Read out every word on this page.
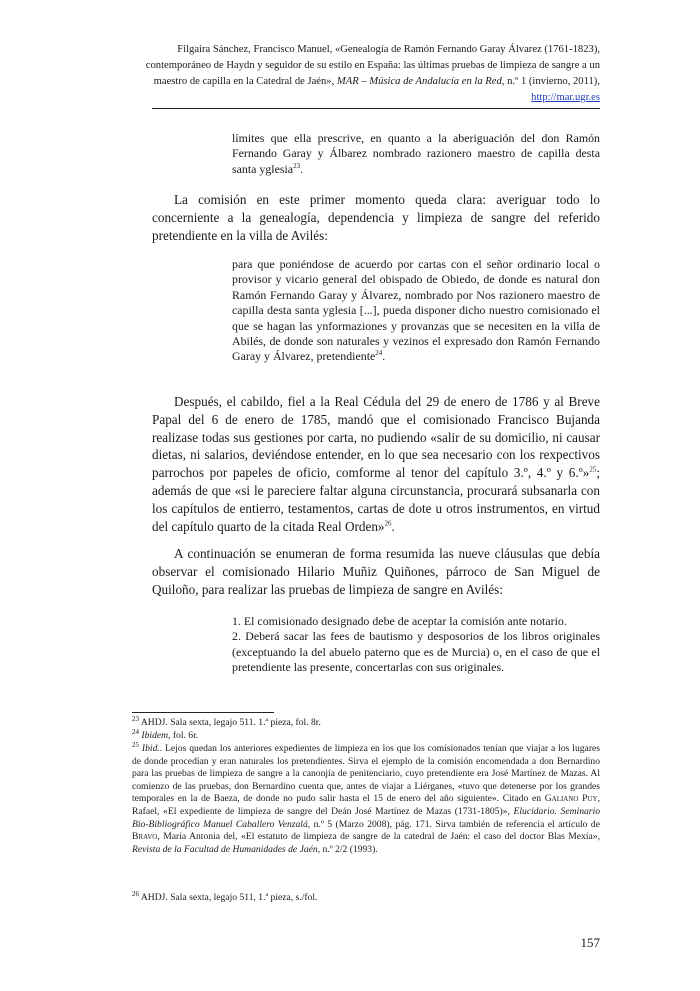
Filgaira Sánchez, Francisco Manuel, «Genealogía de Ramón Fernando Garay Álvarez (1761-1823), contemporáneo de Haydn y seguidor de su estilo en España: las últimas pruebas de limpieza de sangre a un maestro de capilla en la Catedral de Jaén», MAR – Música de Andalucía en la Red, n.º 1 (invierno, 2011), http://mar.ugr.es
límites que ella prescrive, en quanto a la aberiguación del don Ramón Fernando Garay y Álbarez nombrado razionero maestro de capilla desta santa yglesia$^{23}$.
La comisión en este primer momento queda clara: averiguar todo lo concerniente a la genealogía, dependencia y limpieza de sangre del referido pretendiente en la villa de Avilés:
para que poniéndose de acuerdo por cartas con el señor ordinario local o provisor y vicario general del obispado de Obiedo, de donde es natural don Ramón Fernando Garay y Álvarez, nombrado por Nos razionero maestro de capilla desta santa yglesia [...], pueda disponer dicho nuestro comisionado el que se hagan las ynformaziones y provanzas que se necesiten en la villa de Abilés, de donde son naturales y vezinos el expresado don Ramón Fernando Garay y Álvarez, pretendiente$^{24}$.
Después, el cabildo, fiel a la Real Cédula del 29 de enero de 1786 y al Breve Papal del 6 de enero de 1785, mandó que el comisionado Francisco Bujanda realizase todas sus gestiones por carta, no pudiendo «salir de su domicilio, ni causar dietas, ni salarios, deviéndose entender, en lo que sea necesario con los rexpectivos parrochos por papeles de oficio, comforme al tenor del capítulo 3.º, 4.º y 6.º»$^{25}$; además de que «si le pareciere faltar alguna circunstancia, procurará subsanarla con los capítulos de entierro, testamentos, cartas de dote u otros instrumentos, en virtud del capítulo quarto de la citada Real Orden»$^{26}$.
A continuación se enumeran de forma resumida las nueve cláusulas que debía observar el comisionado Hilario Muñiz Quiñones, párroco de San Miguel de Quiloño, para realizar las pruebas de limpieza de sangre en Avilés:
1. El comisionado designado debe de aceptar la comisión ante notario.
2. Deberá sacar las fees de bautismo y desposorios de los libros originales (exceptuando la del abuelo paterno que es de Murcia) o, en el caso de que el pretendiente las presente, concertarlas con sus originales.
$^{23}$ AHDJ. Sala sexta, legajo 511. 1.ª pieza, fol. 8r.
$^{24}$ Ibidem, fol. 6r.
$^{25}$ Ibid.. Lejos quedan los anteriores expedientes de limpieza en los que los comisionados tenían que viajar a los lugares de donde procedían y eran naturales los pretendientes. Sirva el ejemplo de la comisión encomendada a don Bernardino para las pruebas de limpieza de sangre a la canonjía de penitenciario, cuyo pretendiente era José Martínez de Mazas. Al comienzo de las pruebas, don Bernardino cuenta que, antes de viajar a Liérganes, «tuvo que detenerse por los grandes temporales en la de Baeza, de donde no pudo salir hasta el 15 de enero del año siguiente». Citado en Galiano Puy, Rafael, «El expediente de limpieza de sangre del Deán José Martínez de Mazas (1731-1805)», Elucidario. Seminario Bio-Bibliográfico Manuel Caballero Venzalá, n.º 5 (Marzo 2008), pág. 171. Sirva también de referencia el artículo de Bravo, María Antonia del, «El estatuto de limpieza de sangre de la catedral de Jaén: el caso del doctor Blas Mexía», Revista de la Facultad de Humanidades de Jaén, n.º 2/2 (1993).
$^{26}$ AHDJ. Sala sexta, legajo 511, 1.ª pieza, s./fol.
157
